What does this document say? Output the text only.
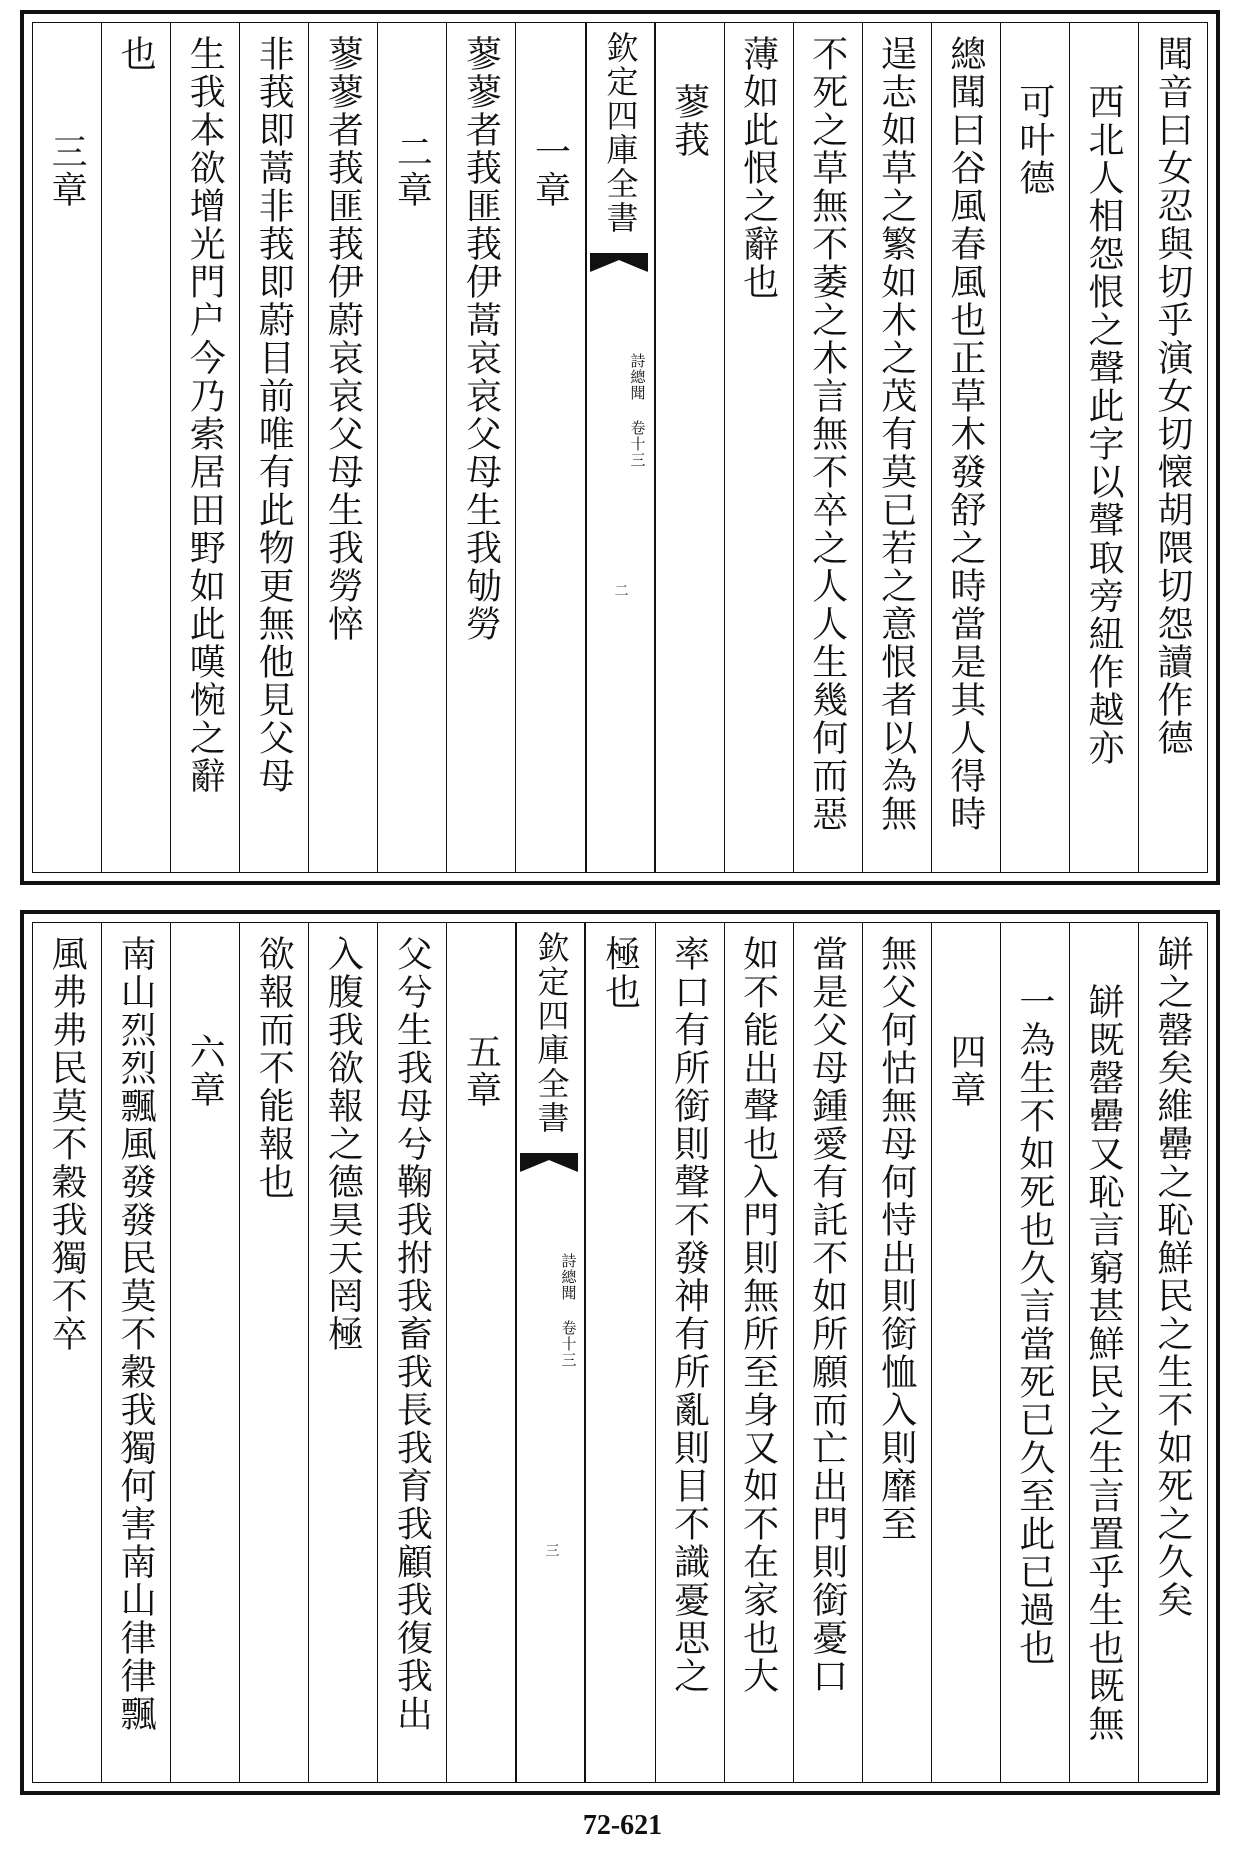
聞音曰女忍與切乎演女切懐胡隈切怨讀作德
西北人相怨恨之聲此字以聲取旁紐作越亦
可叶德
總聞曰谷風春風也正草木發舒之時當是其人得時
逞志如草之繁如木之茂有莫已若之意恨者以為無
不死之草無不萎之木言無不卒之人人生幾何而惡
薄如此恨之辭也
蓼莪
欽定四庫全書
詩總聞 卷十三
二
一章
蓼蓼者莪匪莪伊蒿哀哀父母生我劬勞
二章
蓼蓼者莪匪莪伊蔚哀哀父母生我勞悴
非莪即蒿非莪即蔚目前唯有此物更無他見父母
生我本欲增光門户今乃索居田野如此嘆惋之辭
也
三章
缾之罄矣維罍之恥鮮民之生不如死之久矣
缾既罄罍又恥言窮甚鮮民之生言置乎生也既無
一為生不如死也久言當死已久至此已過也
四章
無父何怙無母何恃出則銜恤入則靡至
當是父母鍾愛有託不如所願而亡出門則銜憂口
如不能出聲也入門則無所至身又如不在家也大
率口有所銜則聲不發神有所亂則目不識憂思之
極也
欽定四庫全書
詩總聞 卷十三
三
五章
父兮生我母兮鞠我拊我畜我長我育我顧我復我出
入腹我欲報之德昊天罔極
欲報而不能報也
六章
南山烈烈飄風發發民莫不穀我獨何害南山律律飄
風弗弗民莫不穀我獨不卒
72-621
